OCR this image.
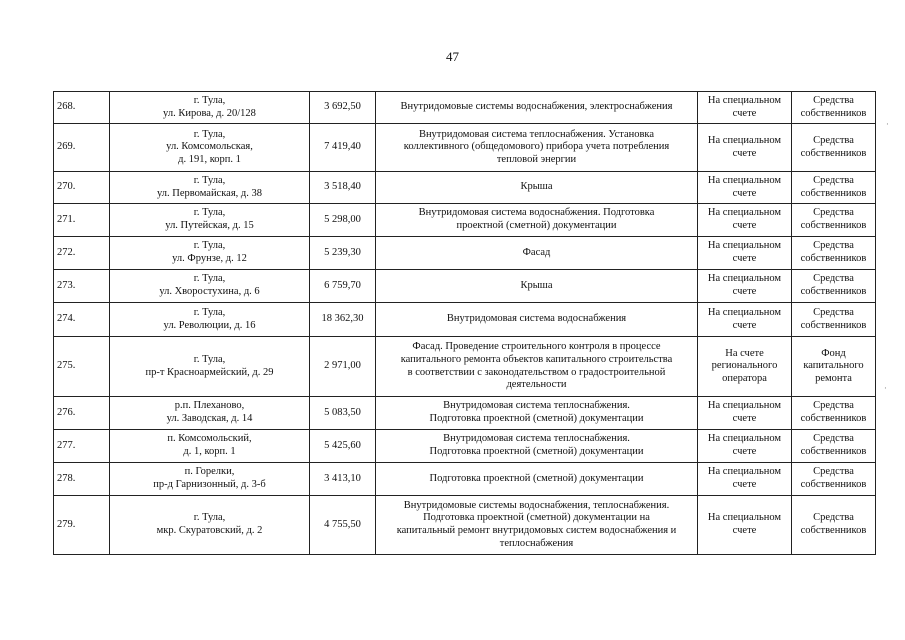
47
268.	г. Тула,
ул. Кирова, д. 20/128	3 692,50	Внутридомовые системы водоснабжения, электроснабжения	На специальном
счете	Средства
собственников

269.	г. Тула,
ул. Комсомольская,
д. 191, корп. 1	7 419,40	Внутридомовая система теплоснабжения. Установка
коллективного (общедомового) прибора учета потребления
тепловой энергии	На специальном
счете	Средства
собственников

270.	г. Тула,
ул. Первомайская, д. 38	3 518,40	Крыша	На специальном
счете	Средства
собственников

271.	г. Тула,
ул. Путейская, д. 15	5 298,00	Внутридомовая система водоснабжения. Подготовка
проектной (сметной) документации	На специальном
счете	Средства
собственников

272.	г. Тула,
ул. Фрунзе, д. 12	5 239,30	Фасад	На специальном
счете	Средства
собственников

273.	г. Тула,
ул. Хворостухина, д. 6	6 759,70	Крыша	На специальном
счете	Средства
собственников

274.	г. Тула,
ул. Революции, д. 16	18 362,30	Внутридомовая система водоснабжения	На специальном
счете	Средства
собственников

275.	г. Тула,
пр-т Красноармейский, д. 29	2 971,00	Фасад. Проведение строительного контроля в процессе
капитального ремонта объектов капитального строительства
в соответствии с законодательством о градостроительной
деятельности	На счете
регионального
оператора	Фонд
капитального
ремонта

276.	р.п. Плеханово,
ул. Заводская, д. 14	5 083,50	Внутридомовая система теплоснабжения.
Подготовка проектной (сметной) документации	На специальном
счете	Средства
собственников

277.	п. Комсомольский,
д. 1, корп. 1	5 425,60	Внутридомовая система теплоснабжения.
Подготовка проектной (сметной) документации	На специальном
счете	Средства
собственников

278.	п. Горелки,
пр-д Гарнизонный, д. 3-б	3 413,10	Подготовка проектной (сметной) документации	На специальном
счете	Средства
собственников

279.	г. Тула,
мкр. Скуратовский, д. 2	4 755,50	Внутридомовые системы водоснабжения, теплоснабжения.
Подготовка проектной (сметной) документации на
капитальный ремонт внутридомовых систем водоснабжения и
теплоснабжения	На специальном
счете	Средства
собственников
·
·
